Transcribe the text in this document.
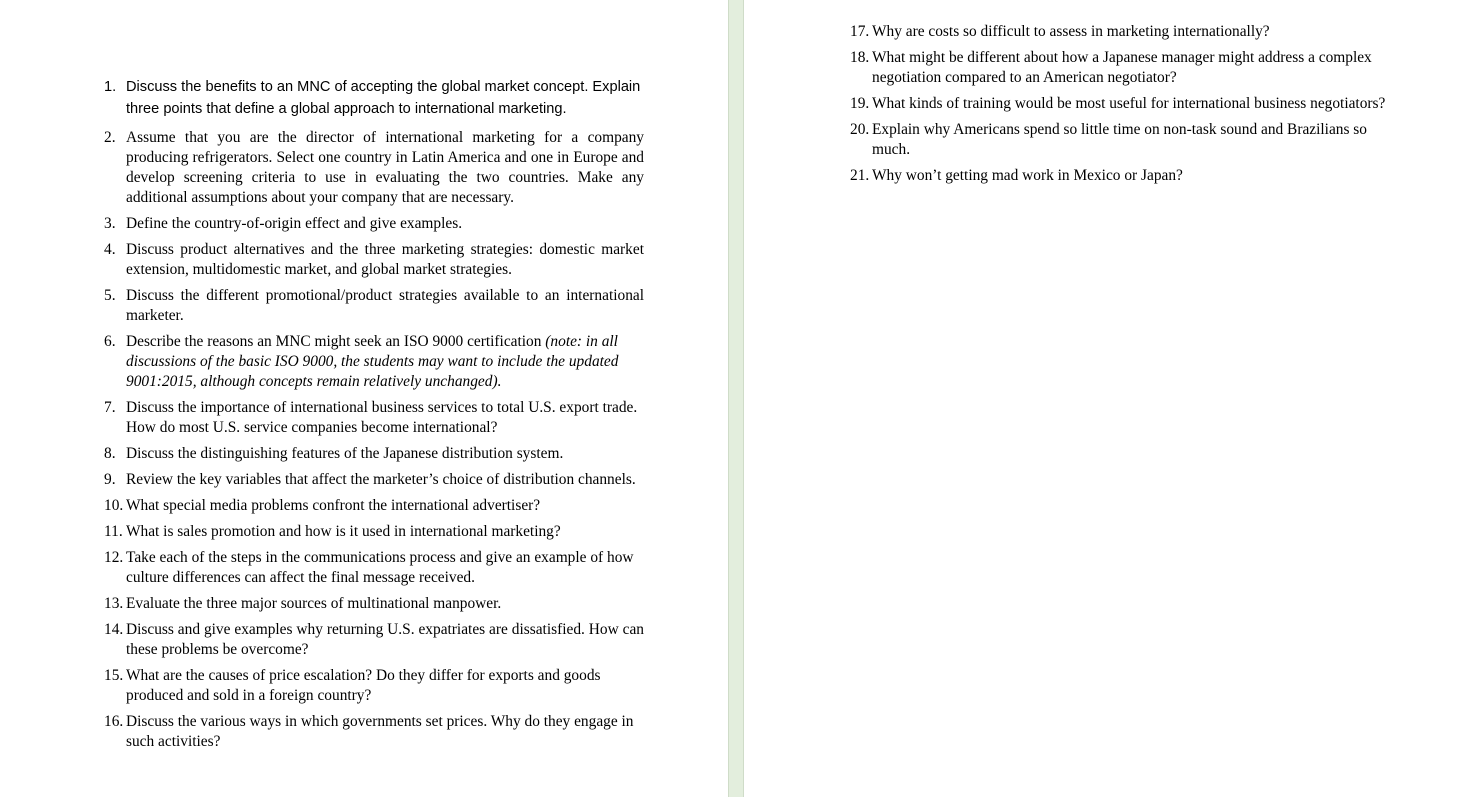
1. Discuss the benefits to an MNC of accepting the global market concept. Explain three points that define a global approach to international marketing.
2. Assume that you are the director of international marketing for a company producing refrigerators. Select one country in Latin America and one in Europe and develop screening criteria to use in evaluating the two countries. Make any additional assumptions about your company that are necessary.
3. Define the country-of-origin effect and give examples.
4. Discuss product alternatives and the three marketing strategies: domestic market extension, multidomestic market, and global market strategies.
5. Discuss the different promotional/product strategies available to an international marketer.
6. Describe the reasons an MNC might seek an ISO 9000 certification (note: in all discussions of the basic ISO 9000, the students may want to include the updated 9001:2015, although concepts remain relatively unchanged).
7. Discuss the importance of international business services to total U.S. export trade. How do most U.S. service companies become international?
8. Discuss the distinguishing features of the Japanese distribution system.
9. Review the key variables that affect the marketer’s choice of distribution channels.
10. What special media problems confront the international advertiser?
11. What is sales promotion and how is it used in international marketing?
12. Take each of the steps in the communications process and give an example of how culture differences can affect the final message received.
13. Evaluate the three major sources of multinational manpower.
14. Discuss and give examples why returning U.S. expatriates are dissatisfied. How can these problems be overcome?
15. What are the causes of price escalation? Do they differ for exports and goods produced and sold in a foreign country?
16. Discuss the various ways in which governments set prices. Why do they engage in such activities?
17. Why are costs so difficult to assess in marketing internationally?
18. What might be different about how a Japanese manager might address a complex negotiation compared to an American negotiator?
19. What kinds of training would be most useful for international business negotiators?
20. Explain why Americans spend so little time on non-task sound and Brazilians so much.
21. Why won’t getting mad work in Mexico or Japan?
